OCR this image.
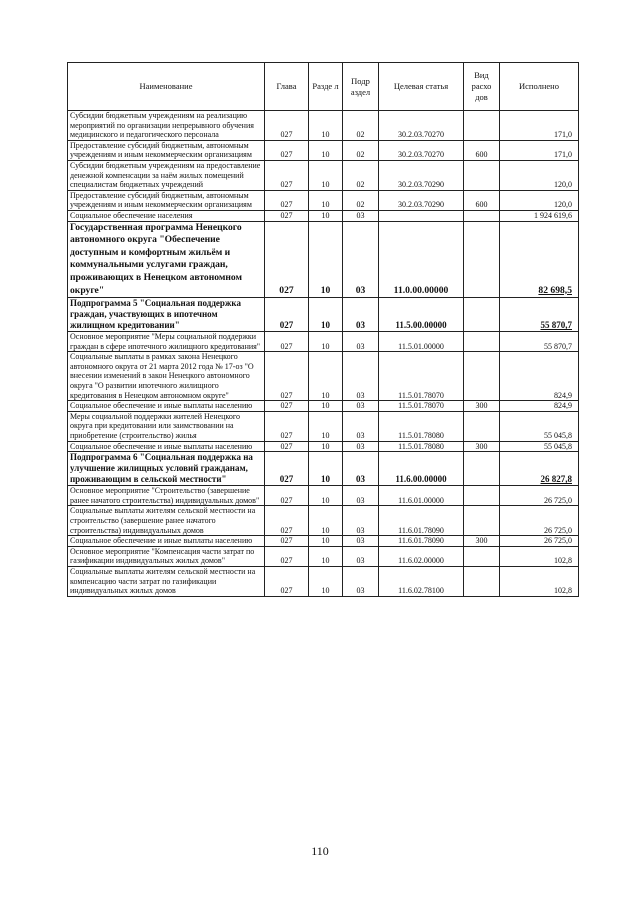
Наименование	Глава	Разде л	Подр аздел	Целевая статья	Вид расхо дов	Исполнено
Субсидии бюджетным учреждениям на реализацию мероприятий по организации непрерывного обучения медицинского и педагогического персонала	027	10	02	30.2.03.70270		171,0
Предоставление субсидий бюджетным, автономным учреждениям и иным некоммерческим организациям	027	10	02	30.2.03.70270	600	171,0
Субсидии бюджетным учреждениям на предоставление денежной компенсации за наём жилых помещений специалистам бюджетных учреждений	027	10	02	30.2.03.70290		120,0
Предоставление субсидий бюджетным, автономным учреждениям и иным некоммерческим организациям	027	10	02	30.2.03.70290	600	120,0
Социальное обеспечение населения	027	10	03			1 924 619,6
Государственная программа Ненецкого автономного округа "Обеспечение доступным и комфортным жильём и коммунальными услугами граждан, проживающих в Ненецком автономном округе"	027	10	03	11.0.00.00000		82 698,5
Подпрограмма 5 "Социальная поддержка граждан, участвующих в ипотечном жилищном кредитовании"	027	10	03	11.5.00.00000		55 870,7
Основное мероприятие "Меры социальной поддержки граждан в сфере ипотечного жилищного кредитования"	027	10	03	11.5.01.00000		55 870,7
Социальные выплаты в рамках закона Ненецкого автономного округа от 21 марта 2012 года № 17-оз "О внесении изменений в закон Ненецкого автономного округа "О развитии ипотечного жилищного кредитования в Ненецком автономном округе"	027	10	03	11.5.01.78070		824,9
Социальное обеспечение и иные выплаты населению	027	10	03	11.5.01.78070	300	824,9
Меры социальной поддержки жителей Ненецкого округа при кредитовании или заимствовании на приобретение (строительство) жилья	027	10	03	11.5.01.78080		55 045,8
Социальное обеспечение и иные выплаты населению	027	10	03	11.5.01.78080	300	55 045,8
Подпрограмма 6 "Социальная поддержка на улучшение жилищных условий гражданам, проживающим в сельской местности"	027	10	03	11.6.00.00000		26 827,8
Основное мероприятие "Строительство (завершение ранее начатого строительства) индивидуальных домов"	027	10	03	11.6.01.00000		26 725,0
Социальные выплаты жителям сельской местности на строительство (завершение ранее начатого строительства) индивидуальных домов	027	10	03	11.6.01.78090		26 725,0
Социальное обеспечение и иные выплаты населению	027	10	03	11.6.01.78090	300	26 725,0
Основное мероприятие "Компенсация части затрат по газификации индивидуальных жилых домов"	027	10	03	11.6.02.00000		102,8
Социальные выплаты жителям сельской местности на компенсацию части затрат по газификации индивидуальных жилых домов	027	10	03	11.6.02.78100		102,8
110
